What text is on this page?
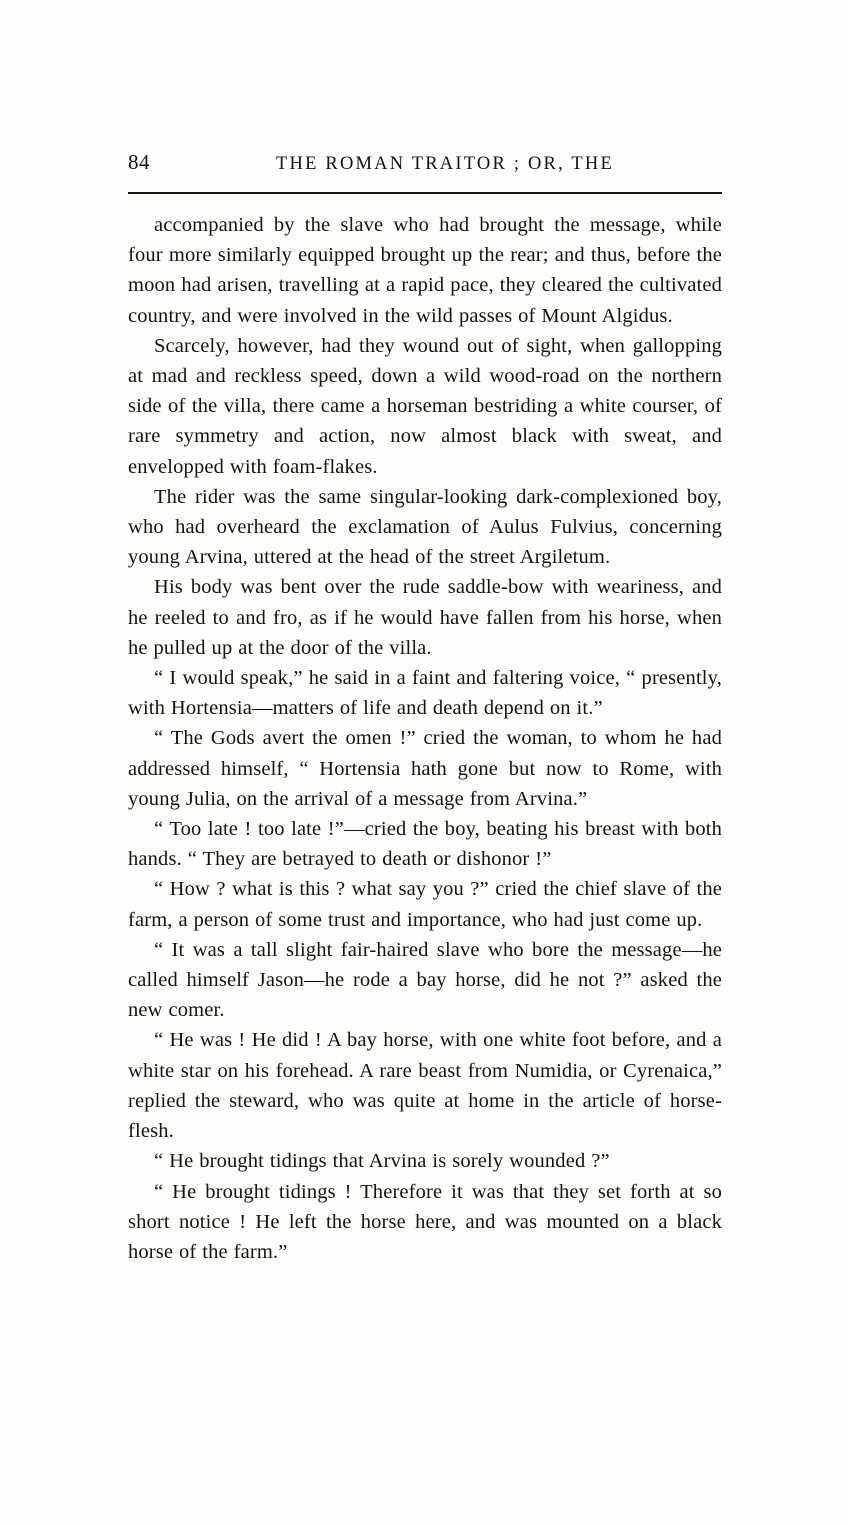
84	THE ROMAN TRAITOR ; OR, THE

accompanied by the slave who had brought the message, while four more similarly equipped brought up the rear; and thus, before the moon had arisen, travelling at a rapid pace, they cleared the cultivated country, and were involved in the wild passes of Mount Algidus.

Scarcely, however, had they wound out of sight, when gallopping at mad and reckless speed, down a wild wood-road on the northern side of the villa, there came a horseman bestriding a white courser, of rare symmetry and action, now almost black with sweat, and envelopped with foam-flakes.

The rider was the same singular-looking dark-complexioned boy, who had overheard the exclamation of Aulus Fulvius, concerning young Arvina, uttered at the head of the street Argiletum.

His body was bent over the rude saddle-bow with weariness, and he reeled to and fro, as if he would have fallen from his horse, when he pulled up at the door of the villa.

“ I would speak,” he said in a faint and faltering voice, “ presently, with Hortensia—matters of life and death depend on it.”

“ The Gods avert the omen !” cried the woman, to whom he had addressed himself, “ Hortensia hath gone but now to Rome, with young Julia, on the arrival of a message from Arvina.”

“ Too late ! too late !”—cried the boy, beating his breast with both hands. “ They are betrayed to death or dishonor !”

“ How ? what is this ? what say you ?” cried the chief slave of the farm, a person of some trust and importance, who had just come up.

“ It was a tall slight fair-haired slave who bore the message—he called himself Jason—he rode a bay horse, did he not ?” asked the new comer.

“ He was ! He did ! A bay horse, with one white foot before, and a white star on his forehead. A rare beast from Numidia, or Cyrenaica,” replied the steward, who was quite at home in the article of horse-flesh.

“ He brought tidings that Arvina is sorely wounded ?”

“ He brought tidings ! Therefore it was that they set forth at so short notice ! He left the horse here, and was mounted on a black horse of the farm.”
